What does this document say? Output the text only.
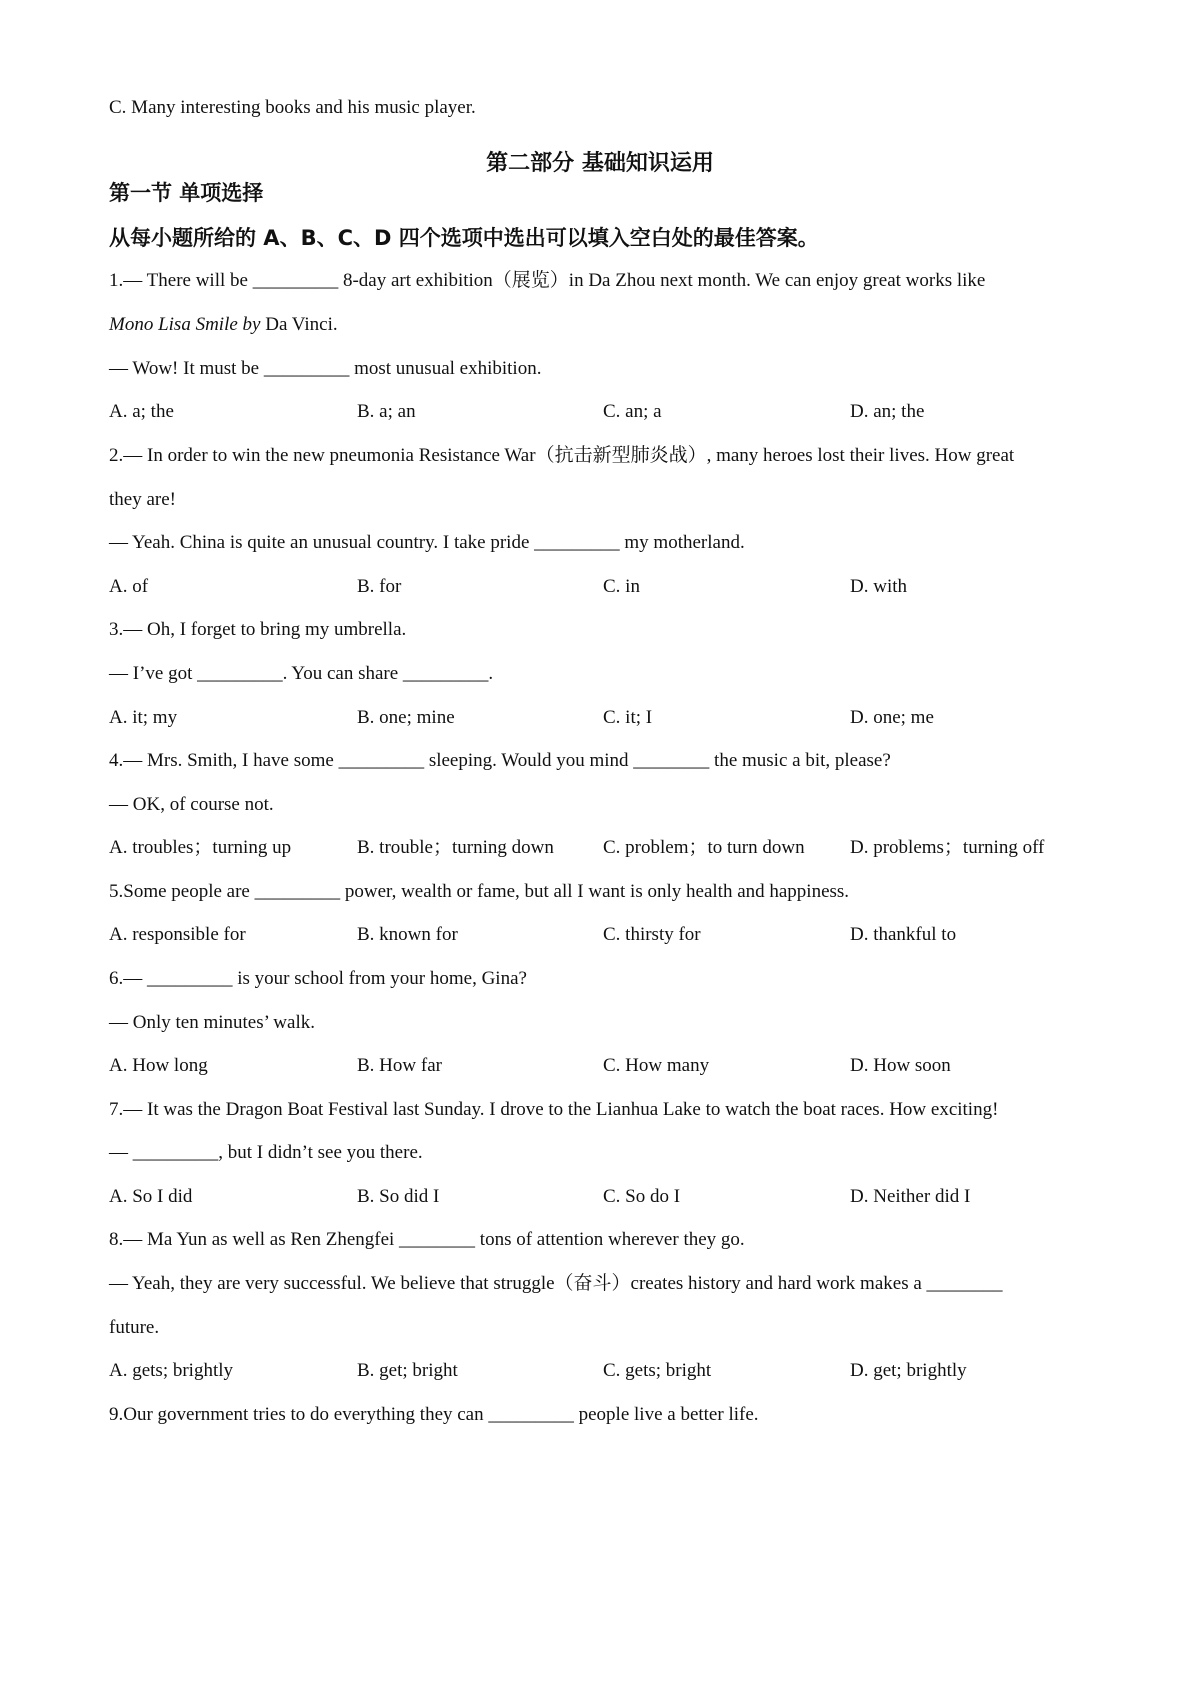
C. Many interesting books and his music player.
第二部分 基础知识运用
第一节 单项选择
从每小题所给的 A、B、C、D 四个选项中选出可以填入空白处的最佳答案。
1.— There will be _________ 8-day art exhibition（展览）in Da Zhou next month. We can enjoy great works like
Mono Lisa Smile by Da Vinci.
— Wow! It must be _________ most unusual exhibition.
A. a; the	B. a; an	C. an; a	D. an; the
2.— In order to win the new pneumonia Resistance War（抗击新型肺炎战）, many heroes lost their lives. How great
they are!
— Yeah. China is quite an unusual country. I take pride _________ my motherland.
A. of	B. for	C. in	D. with
3.— Oh, I forget to bring my umbrella.
— I’ve got _________. You can share _________.
A. it; my	B. one; mine	C. it; I	D. one; me
4.— Mrs. Smith, I have some _________ sleeping. Would you mind ________ the music a bit, please?
— OK, of course not.
A. troubles；turning up	B. trouble；turning down	C. problem；to turn down D. problems；turning off
5.Some people are _________ power, wealth or fame, but all I want is only health and happiness.
A. responsible for	B. known for	C. thirsty for	D. thankful to
6.— _________ is your school from your home, Gina?
— Only ten minutes’ walk.
A. How long	B. How far	C. How many	D. How soon
7.— It was the Dragon Boat Festival last Sunday. I drove to the Lianhua Lake to watch the boat races. How exciting!
— _________, but I didn’t see you there.
A. So I did	B. So did I	C. So do I	D. Neither did I
8.— Ma Yun as well as Ren Zhengfei ________ tons of attention wherever they go.
— Yeah, they are very successful. We believe that struggle（奋斗）creates history and hard work makes a ________
future.
A. gets; brightly	B. get; bright	C. gets; bright	D. get; brightly
9.Our government tries to do everything they can _________ people live a better life.
